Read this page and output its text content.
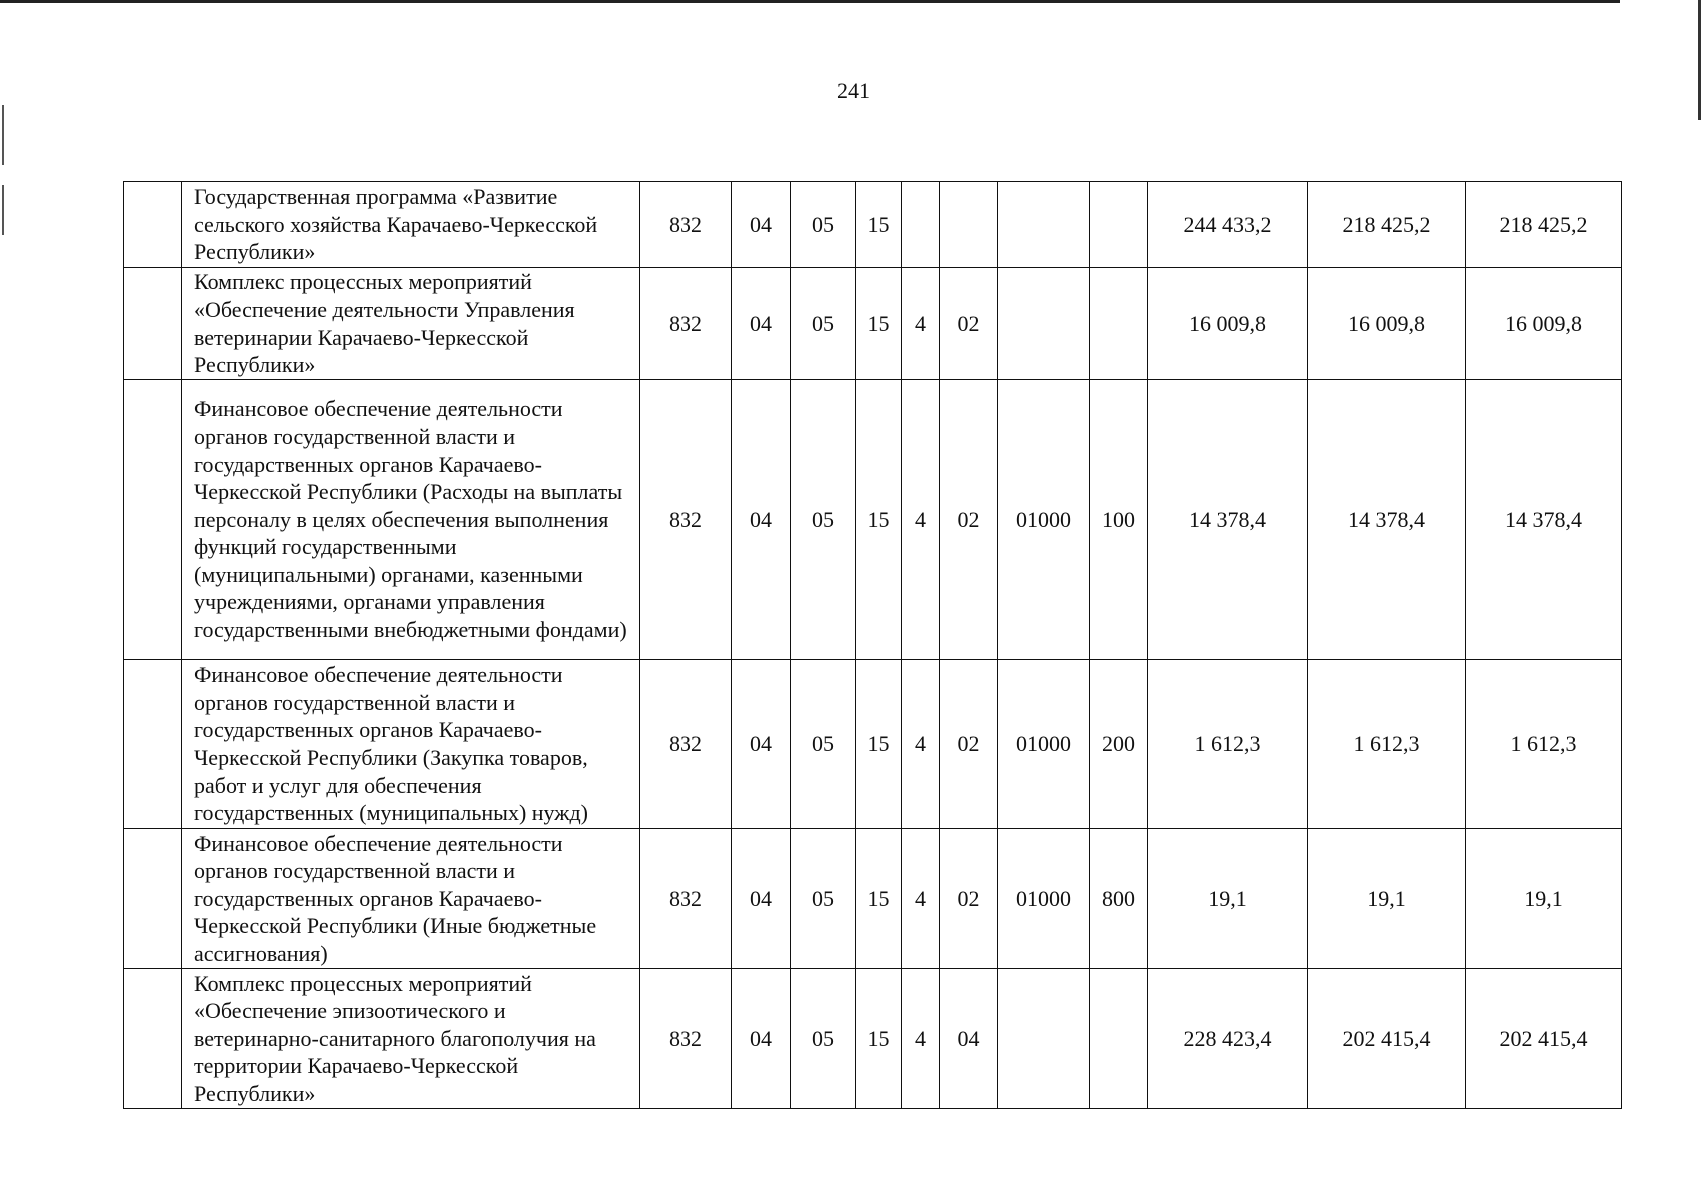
241
	Государственная программа «Развитие сельского хозяйства Карачаево-Черкесской Республики»	832	04	05	15					244 433,2	218 425,2	218 425,2
	Комплекс процессных мероприятий «Обеспечение деятельности Управления ветеринарии Карачаево-Черкесской Республики»	832	04	05	15	4	02			16 009,8	16 009,8	16 009,8
	Финансовое обеспечение деятельности органов государственной власти и государственных органов Карачаево-Черкесской Республики (Расходы на выплаты персоналу в целях обеспечения выполнения функций государственными (муниципальными) органами, казенными учреждениями, органами управления государственными внебюджетными фондами)	832	04	05	15	4	02	01000	100	14 378,4	14 378,4	14 378,4
	Финансовое обеспечение деятельности органов государственной власти и государственных органов Карачаево-Черкесской Республики (Закупка товаров, работ и услуг для обеспечения государственных (муниципальных) нужд)	832	04	05	15	4	02	01000	200	1 612,3	1 612,3	1 612,3
	Финансовое обеспечение деятельности органов государственной власти и государственных органов Карачаево-Черкесской Республики (Иные бюджетные ассигнования)	832	04	05	15	4	02	01000	800	19,1	19,1	19,1
	Комплекс процессных мероприятий «Обеспечение эпизоотического и ветеринарно-санитарного благополучия на территории Карачаево-Черкесской Республики»	832	04	05	15	4	04			228 423,4	202 415,4	202 415,4
